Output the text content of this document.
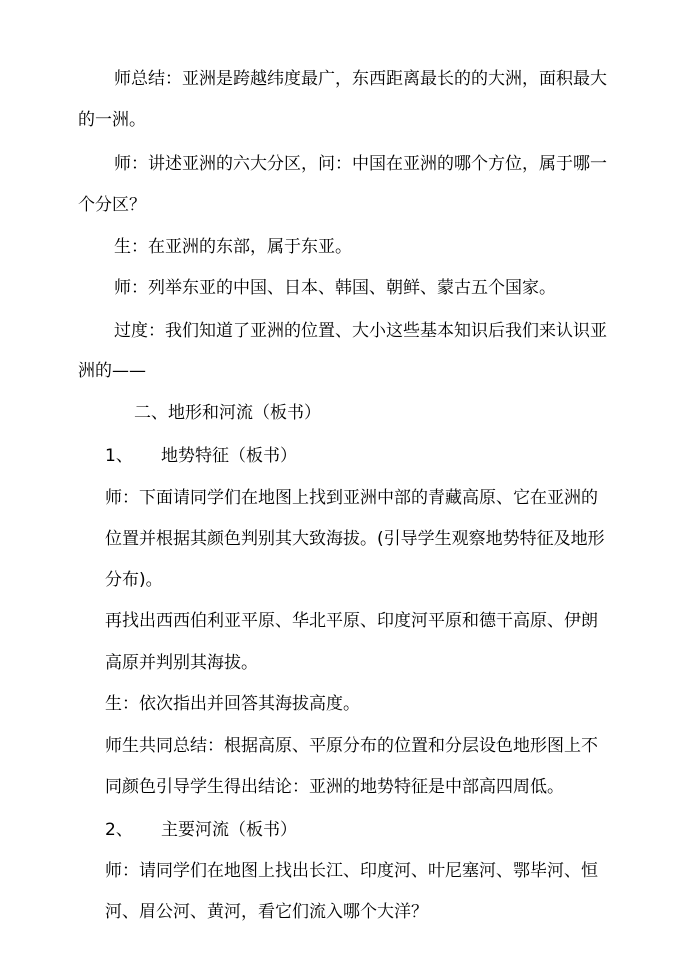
师总结：亚洲是跨越纬度最广，东西距离最长的的大洲，面积最大
的一洲。
师：讲述亚洲的六大分区，问：中国在亚洲的哪个方位，属于哪一
个分区？
生：在亚洲的东部，属于东亚。
师：列举东亚的中国、日本、韩国、朝鲜、蒙古五个国家。
过度：我们知道了亚洲的位置、大小这些基本知识后我们来认识亚
洲的——
二、地形和河流（板书）
1、 地势特征（板书）
师：下面请同学们在地图上找到亚洲中部的青藏高原、它在亚洲的
位置并根据其颜色判别其大致海拔。(引导学生观察地势特征及地形
分布)。
再找出西西伯利亚平原、华北平原、印度河平原和德干高原、伊朗
高原并判别其海拔。
生：依次指出并回答其海拔高度。
师生共同总结：根据高原、平原分布的位置和分层设色地形图上不
同颜色引导学生得出结论：亚洲的地势特征是中部高四周低。
2、 主要河流（板书）
师：请同学们在地图上找出长江、印度河、叶尼塞河、鄂毕河、恒
河、眉公河、黄河，看它们流入哪个大洋？
